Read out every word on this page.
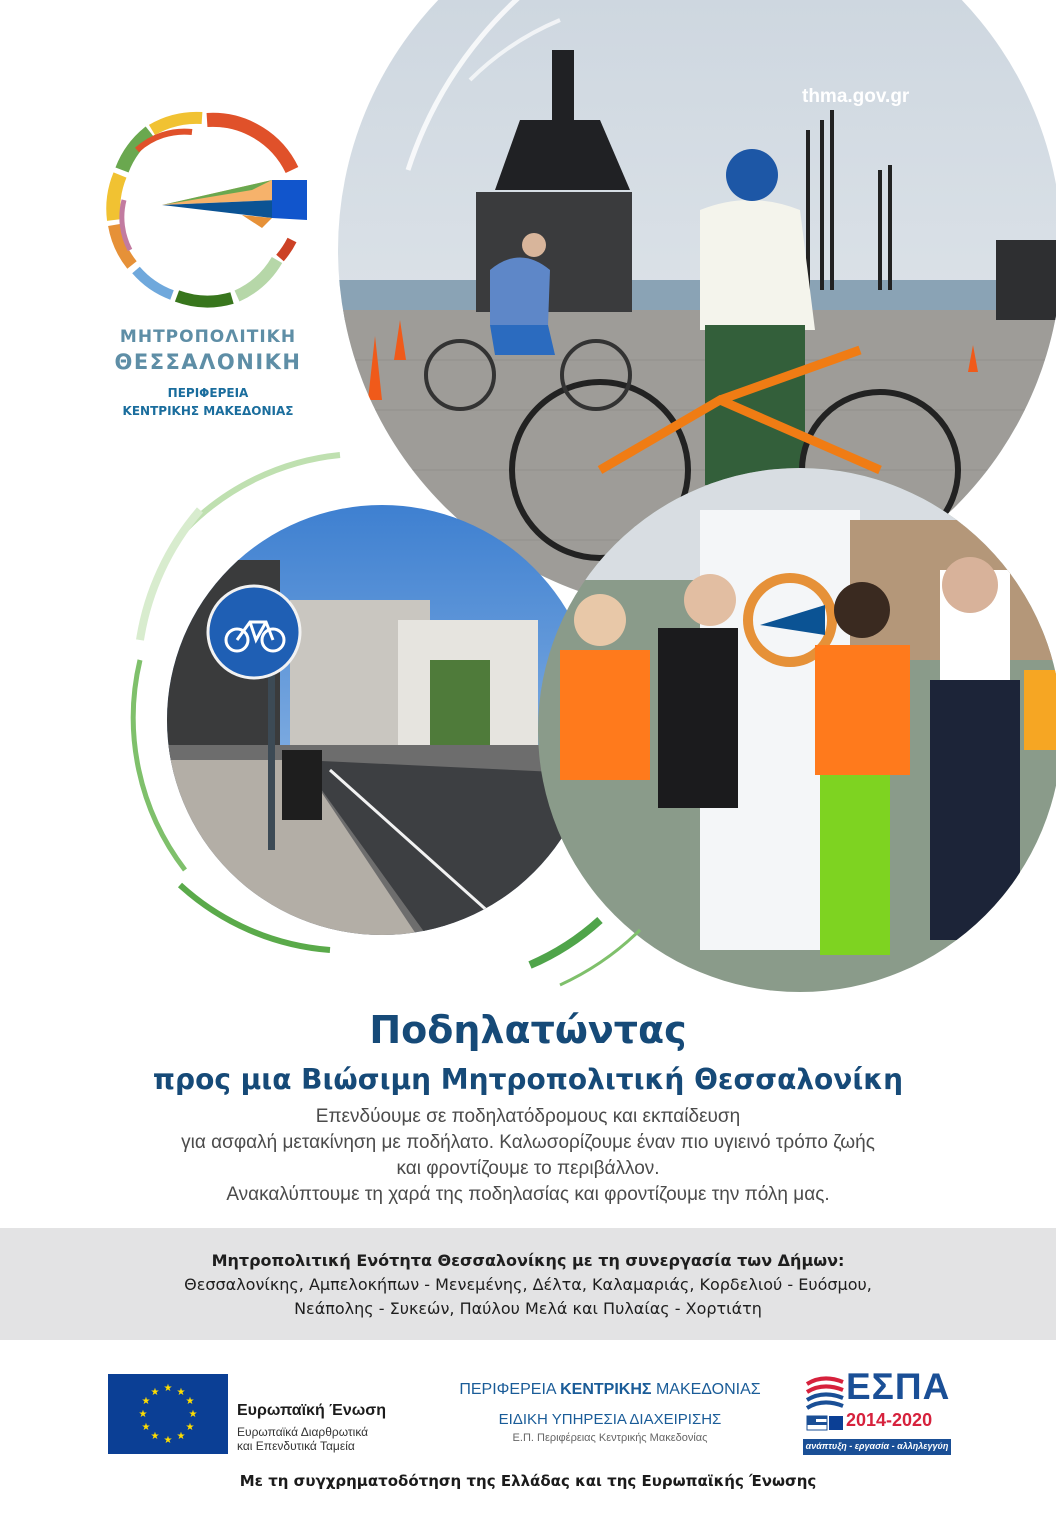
ΜΗΤΡΟΠΟΛΙΤΙΚΗ
ΘΕΣΣΑΛΟΝΙΚΗ
ΠΕΡΙΦΕΡΕΙΑ
ΚΕΝΤΡΙΚΗΣ ΜΑΚΕΔΟΝΙΑΣ
thma.gov.gr
Ποδηλατώντας
προς μια Βιώσιμη Μητροπολιτική Θεσσαλονίκη
Επενδύουμε σε ποδηλατόδρομους και εκπαίδευση
για ασφαλή μετακίνηση με ποδήλατο. Καλωσορίζουμε έναν πιο υγιεινό τρόπο ζωής
και φροντίζουμε το περιβάλλον.
Ανακαλύπτουμε τη χαρά της ποδηλασίας και φροντίζουμε την πόλη μας.
Μητροπολιτική Ενότητα Θεσσαλονίκης με τη συνεργασία των Δήμων:
Θεσσαλονίκης, Αμπελοκήπων - Μενεμένης, Δέλτα, Καλαμαριάς, Κορδελιού - Ευόσμου,
Νεάπολης - Συκεών, Παύλου Μελά και Πυλαίας - Χορτιάτη
★ ★
★
★
★
★
★
★
★
★
★
★
Ευρωπαϊκή Ένωση
Ευρωπαϊκά Διαρθρωτικά
και Επενδυτικά Ταμεία
ΠΕΡΙΦΕΡΕΙΑ ΚΕΝΤΡΙΚΗΣ ΜΑΚΕΔΟΝΙΑΣ
ΕΙΔΙΚΗ ΥΠΗΡΕΣΙΑ ΔΙΑΧΕΙΡΙΣΗΣ
Ε.Π. Περιφέρειας Κεντρικής Μακεδονίας
ΕΣΠΑ
2014-2020
ανάπτυξη - εργασία - αλληλεγγύη
Με τη συγχρηματοδότηση της Ελλάδας και της Ευρωπαϊκής Ένωσης
